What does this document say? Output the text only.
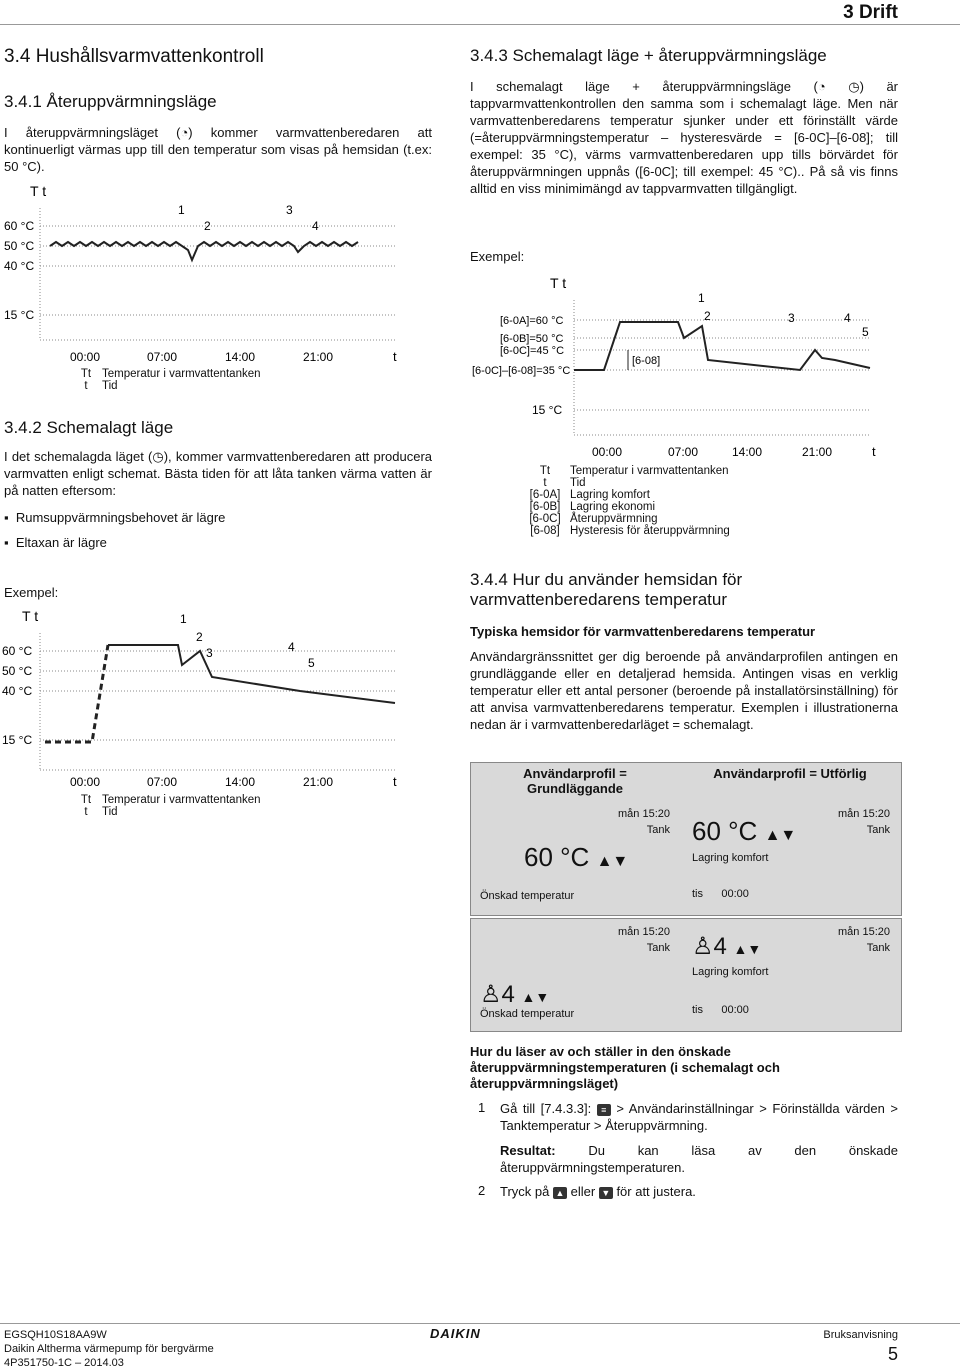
3 Drift
3.4 Hushållsvarmvattenkontroll
3.4.1 Återuppvärmningsläge
I återuppvärmningsläget (◔) kommer varmvattenberedaren att kontinuerligt värmas upp till den temperatur som visas på hemsidan (t.ex: 50 °C).
T t
60 °C
50 °C
40 °C
15 °C
1
2
3
4
00:00	07:00	14:00	21:00	t
Tt Temperatur i varmvattentanken
t	Tid
3.4.2 Schemalagt läge
I det schemalagda läget (◷), kommer varmvattenberedaren att producera varmvatten enligt schemat. Bästa tiden för att låta tanken värma vatten är på natten eftersom:
▪  Rumsuppvärmningsbehovet är lägre
▪  Eltaxan är lägre
Exempel:
T t
60 °C
50 °C
40 °C
15 °C
1
2
3	4
5
00:00	07:00	14:00	21:00	t
Tt Temperatur i varmvattentanken
t	Tid
3.4.3 Schemalagt läge + återuppvärmningsläge
I schemalagt läge + återuppvärmningsläge (◔ ◷) är tappvarmvattenkontrollen den samma som i schemalagt läge. Men när varmvattenberedarens temperatur sjunker under ett förinställt värde (=återuppvärmningstemperatur – hysteresvärde = [6-0C]–[6-08]; till exempel: 35 °C), värms varmvattenberedaren upp tills börvärdet för återuppvärmningen uppnås ([6-0C]; till exempel: 45 °C).. På så vis finns alltid en viss minimimängd av tappvarmvatten tillgängligt.
Exempel:
T t
[6-0A]=60 °C
[6-0B]=50 °C
[6-0C]=45 °C
[6-0C]–[6-08]=35 °C
15 °C
[6-08]
1
2	3	4
5
00:00	07:00	14:00	21:00	t
Tt	Temperatur i varmvattentanken
t	Tid
[6-0A] Lagring komfort
[6-0B] Lagring ekonomi
[6-0C] Återuppvärmning
[6-08] Hysteresis för återuppvärmning
3.4.4 Hur du använder hemsidan för varmvattenberedarens temperatur
Typiska hemsidor för varmvattenberedarens temperatur
Användargränssnittet ger dig beroende på användarprofilen antingen en grundläggande eller en detaljerad hemsida. Antingen visas en verklig temperatur eller ett antal personer (beroende på installatörsinställning) för att anvisa varmvattenberedarens temperatur. Exemplen i illustrationerna nedan är i varmvattenberedarläget = schemalagt.
Användarprofil = Grundläggande
Användarprofil = Utförlig
mån 15:20
Tank
60 °C ▲▼
Önskad temperatur
mån 15:20
Tank
60 °C ▲▼
Lagring komfort
tis 00:00
mån 15:20
Tank
♙4 ▲▼
Önskad temperatur
mån 15:20
Tank
♙4 ▲▼
Lagring komfort
tis 00:00
Hur du läser av och ställer in den önskade återuppvärmningstemperaturen (i schemalagt och återuppvärmningsläget)
1 Gå till [7.4.3.3]: ≡ > Användarinställningar > Förinställda värden > Tanktemperatur > Återuppvärmning.
Resultat:	Du kan läsa av den önskade återuppvärmningstemperaturen.
2 Tryck på ▲ eller ▼ för att justera.
EGSQH10S18AA9W
Daikin Altherma värmepump för bergvärme
4P351750-1C – 2014.03
DAIKIN	Bruksanvisning
5
